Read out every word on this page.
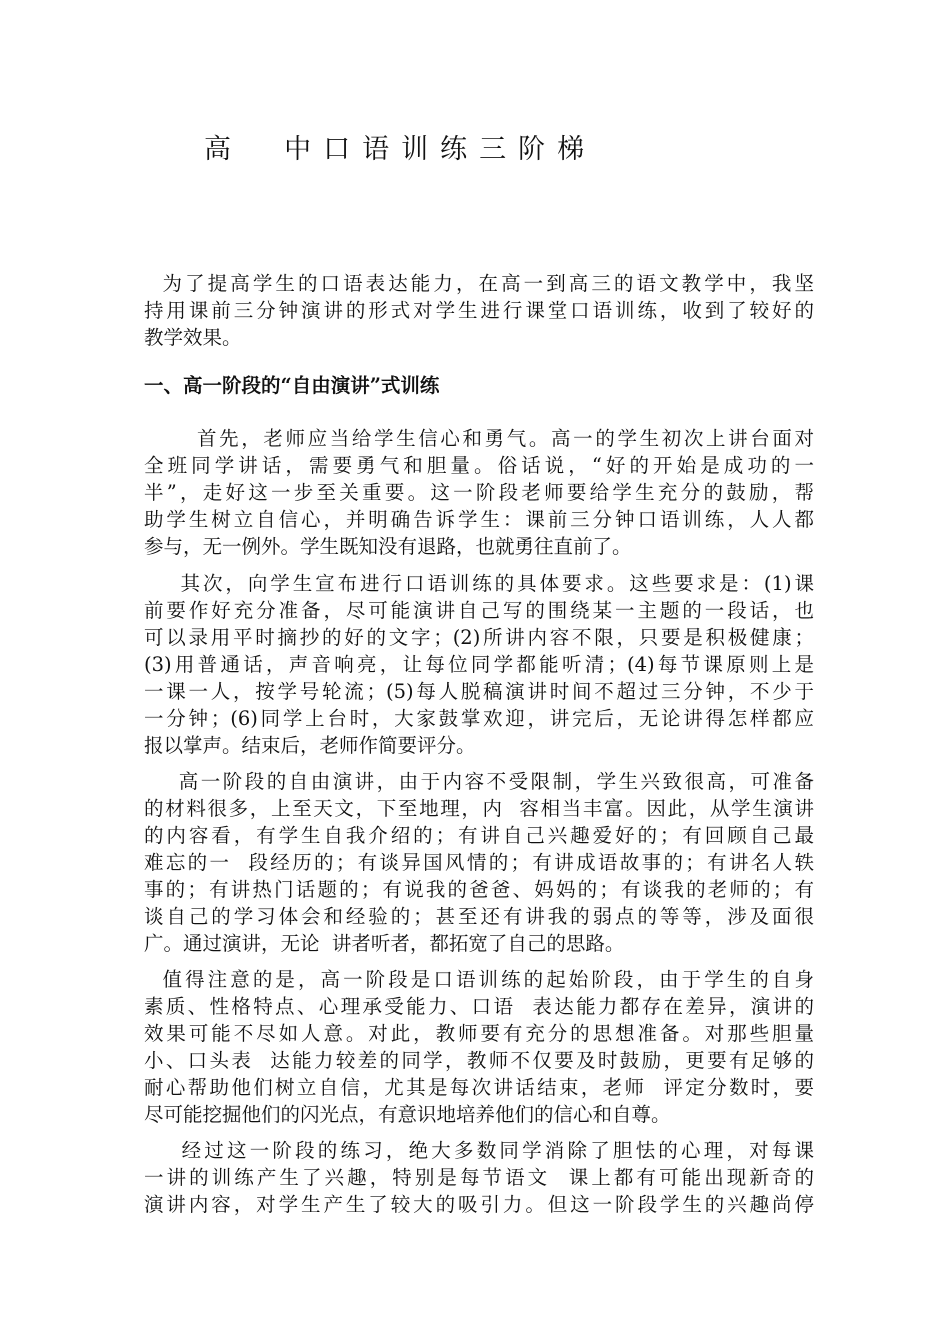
高  中口语训练三阶梯
为了提高学生的口语表达能力，在高一到高三的语文教学中，我坚
持用课前三分钟演讲的形式对学生进行课堂口语训练，收到了较好的
教学效果。
一、高一阶段的“自由演讲”式训练
首先，老师应当给学生信心和勇气。高一的学生初次上讲台面对
全班同学讲话，需要勇气和胆量。俗话说，“好的开始是成功的一
半”，走好这一步至关重要。这一阶段老师要给学生充分的鼓励，帮
助学生树立自信心，并明确告诉学生：课前三分钟口语训练，人人都
参与，无一例外。学生既知没有退路，也就勇往直前了。
其次，向学生宣布进行口语训练的具体要求。这些要求是：(1)课
前要作好充分准备，尽可能演讲自己写的围绕某一主题的一段话，也
可以录用平时摘抄的好的文字；(2)所讲内容不限，只要是积极健康；
(3)用普通话，声音响亮，让每位同学都能听清；(4)每节课原则上是
一课一人，按学号轮流；(5)每人脱稿演讲时间不超过三分钟，不少于
一分钟；(6)同学上台时，大家鼓掌欢迎，讲完后，无论讲得怎样都应
报以掌声。结束后，老师作简要评分。
高一阶段的自由演讲，由于内容不受限制，学生兴致很高，可准备
的材料很多，上至天文，下至地理，内  容相当丰富。因此，从学生演讲
的内容看，有学生自我介绍的；有讲自己兴趣爱好的；有回顾自己最
难忘的一  段经历的；有谈异国风情的；有讲成语故事的；有讲名人轶
事的；有讲热门话题的；有说我的爸爸、妈妈的；有谈我的老师的；有
谈自己的学习体会和经验的；甚至还有讲我的弱点的等等，涉及面很
广。通过演讲，无论  讲者听者，都拓宽了自己的思路。
值得注意的是，高一阶段是口语训练的起始阶段，由于学生的自身
素质、性格特点、心理承受能力、口语  表达能力都存在差异，演讲的
效果可能不尽如人意。对此，教师要有充分的思想准备。对那些胆量
小、口头表  达能力较差的同学，教师不仅要及时鼓励，更要有足够的
耐心帮助他们树立自信，尤其是每次讲话结束，老师  评定分数时，要
尽可能挖掘他们的闪光点，有意识地培养他们的信心和自尊。
经过这一阶段的练习，绝大多数同学消除了胆怯的心理，对每课
一讲的训练产生了兴趣，特别是每节语文  课上都有可能出现新奇的
演讲内容，对学生产生了较大的吸引力。但这一阶段学生的兴趣尚停
